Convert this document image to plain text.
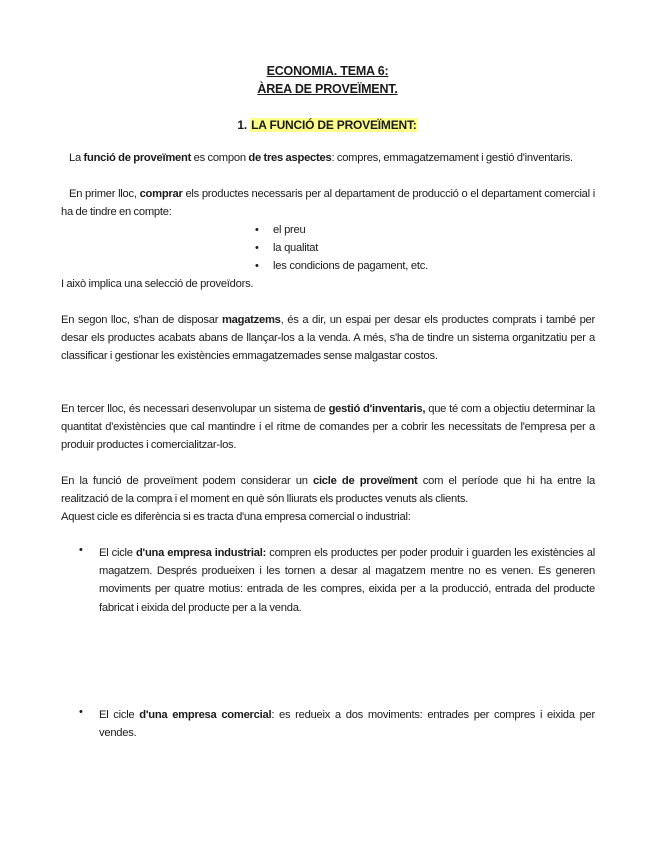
ECONOMIA. TEMA 6:
ÀREA DE PROVEÏMENT.
1. LA FUNCIÓ DE PROVEÏMENT:
La funció de proveïment es compon de tres aspectes: compres, emmagatzemament i gestió d'inventaris.
En primer lloc, comprar els productes necessaris per al departament de producció o el departament comercial i ha de tindre en compte:
•	el preu
•	la qualitat
•	les condicions de pagament, etc.
I això implica una selecció de proveïdors.
En segon lloc, s'han de disposar magatzems, és a dir, un espai per desar els productes comprats i també per desar els productes acabats abans de llançar-los a la venda. A més, s'ha de tindre un sistema organitzatiu per a classificar i gestionar les existències emmagatzemades sense malgastar costos.
En tercer lloc, és necessari desenvolupar un sistema de gestió d'inventaris, que té com a objectiu determinar la quantitat d'existències que cal mantindre i el ritme de comandes per a cobrir les necessitats de l'empresa per a produir productes i comercialitzar-los.
En la funció de proveïment podem considerar un cicle de proveïment com el període que hi ha entre la realització de la compra i el moment en què són lliurats els productes venuts als clients.
Aquest cicle es diferència si es tracta d'una empresa comercial o industrial:
•	El cicle d'una empresa industrial: compren els productes per poder produir i guarden les existències al magatzem. Després produeixen i les tornen a desar al magatzem mentre no es venen. Es generen moviments per quatre motius: entrada de les compres, eixida per a la producció, entrada del producte fabricat i eixida del producte per a la venda.
•	El cicle d'una empresa comercial: es redueix a dos moviments: entrades per compres i eixida per vendes.
